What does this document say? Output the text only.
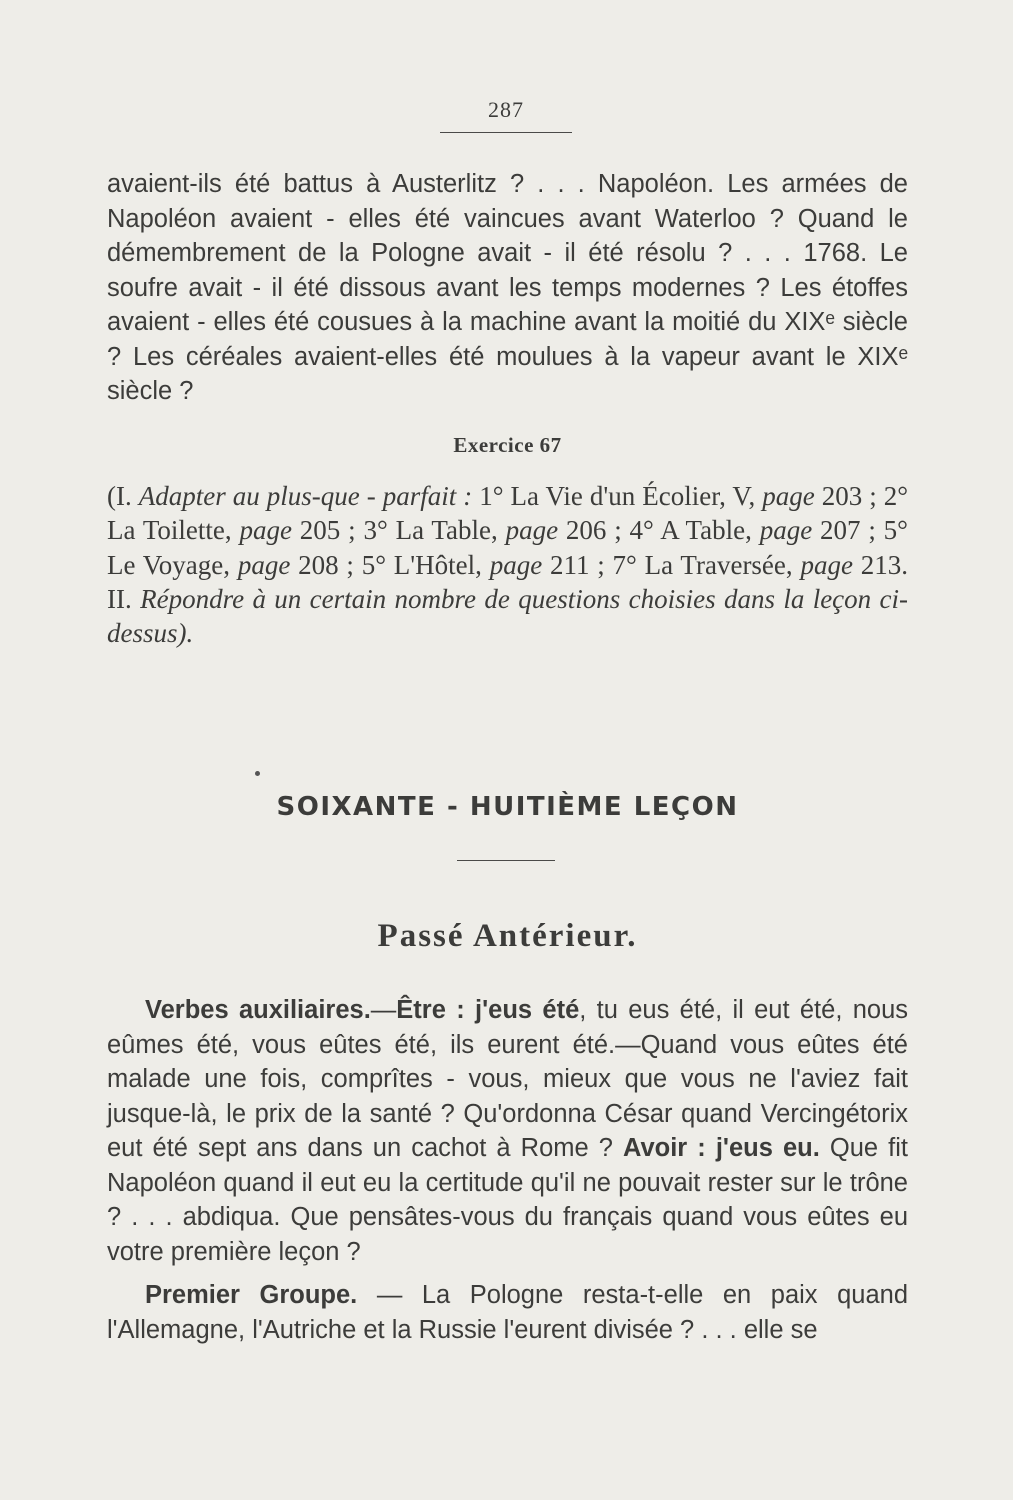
287

avaient-ils été battus à Austerlitz ? . . . Napoléon. Les armées de Napoléon avaient - elles été vaincues avant Waterloo ? Quand le démembrement de la Pologne avait - il été résolu ? . . . 1768. Le soufre avait - il été dissous avant les temps modernes ? Les étoffes avaient - elles été cousues à la machine avant la moitié du XIXᵉ siècle ? Les céréales avaient-elles été moulues à la vapeur avant le XIXᵉ siècle ?

Exercice 67

(I. Adapter au plus-que - parfait : 1° La Vie d'un Écolier, V, page 203 ; 2° La Toilette, page 205 ; 3° La Table, page 206 ; 4° A Table, page 207 ; 5° Le Voyage, page 208 ; 5° L'Hôtel, page 211 ; 7° La Traversée, page 213. II. Répondre à un certain nombre de questions choisies dans la leçon ci-dessus).

SOIXANTE - HUITIÈME LEÇON
Passé Antérieur.

Verbes auxiliaires.—Être : j'eus été, tu eus été, il eut été, nous eûmes été, vous eûtes été, ils eurent été.—Quand vous eûtes été malade une fois, comprîtes - vous, mieux que vous ne l'aviez fait jusque-là, le prix de la santé ? Qu'ordonna César quand Vercingétorix eut été sept ans dans un cachot à Rome ? Avoir : j'eus eu. Que fit Napoléon quand il eut eu la certitude qu'il ne pouvait rester sur le trône ? . . . abdiqua. Que pensâtes-vous du français quand vous eûtes eu votre première leçon ?

Premier Groupe. — La Pologne resta-t-elle en paix quand l'Allemagne, l'Autriche et la Russie l'eurent divisée ? . . . elle se
